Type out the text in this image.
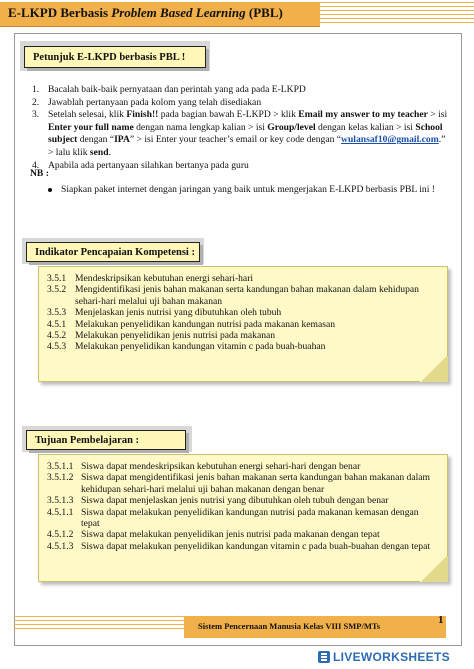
E-LKPD Berbasis Problem Based Learning (PBL)
Petunjuk E-LKPD berbasis PBL !
1. Bacalah baik-baik pernyataan dan perintah yang ada pada E-LKPD
2. Jawablah pertanyaan pada kolom yang telah disediakan
3. Setelah selesai, klik Finish!! pada bagian bawah E-LKPD > klik Email my answer to my teacher > isi Enter your full name dengan nama lengkap kalian > isi Group/level dengan kelas kalian > isi School subject dengan “IPA” > isi Enter your teacher’s email or key code dengan “wulansaf10@gmail.com.” > lalu klik send.
4. Apabila ada pertanyaan silahkan bertanya pada guru
NB :
Siapkan paket internet dengan jaringan yang baik untuk mengerjakan E-LKPD berbasis PBL ini !
Indikator Pencapaian Kompetensi :
3.5.1 Mendeskripsikan kebutuhan energi sehari-hari
3.5.2 Mengidentifikasi jenis bahan makanan serta kandungan bahan makanan dalam kehidupan sehari-hari melalui uji bahan makanan
3.5.3 Menjelaskan jenis nutrisi yang dibutuhkan oleh tubuh
4.5.1 Melakukan penyelidikan kandungan nutrisi pada makanan kemasan
4.5.2 Melakukan penyelidikan jenis nutrisi pada makanan
4.5.3 Melakukan penyelidikan kandungan vitamin c pada buah-buahan
Tujuan Pembelajaran :
3.5.1.1 Siswa dapat mendeskripsikan kebutuhan energi sehari-hari dengan benar
3.5.1.2 Siswa dapat mengidentifikasi jenis bahan makanan serta kandungan bahan makanan dalam kehidupan sehari-hari melalui uji bahan makanan dengan benar
3.5.1.3 Siswa dapat menjelaskan jenis nutrisi yang dibutuhkan oleh tubuh dengan benar
4.5.1.1 Siswa dapat melakukan penyelidikan kandungan nutrisi pada makanan kemasan dengan tepat
4.5.1.2 Siswa dapat melakukan penyelidikan jenis nutrisi pada makanan dengan tepat
4.5.1.3 Siswa dapat melakukan penyelidikan kandungan vitamin c pada buah-buahan dengan tepat
Sistem Pencernaan Manusia Kelas VIII SMP/MTs	1
LIVEWORKSHEETS
